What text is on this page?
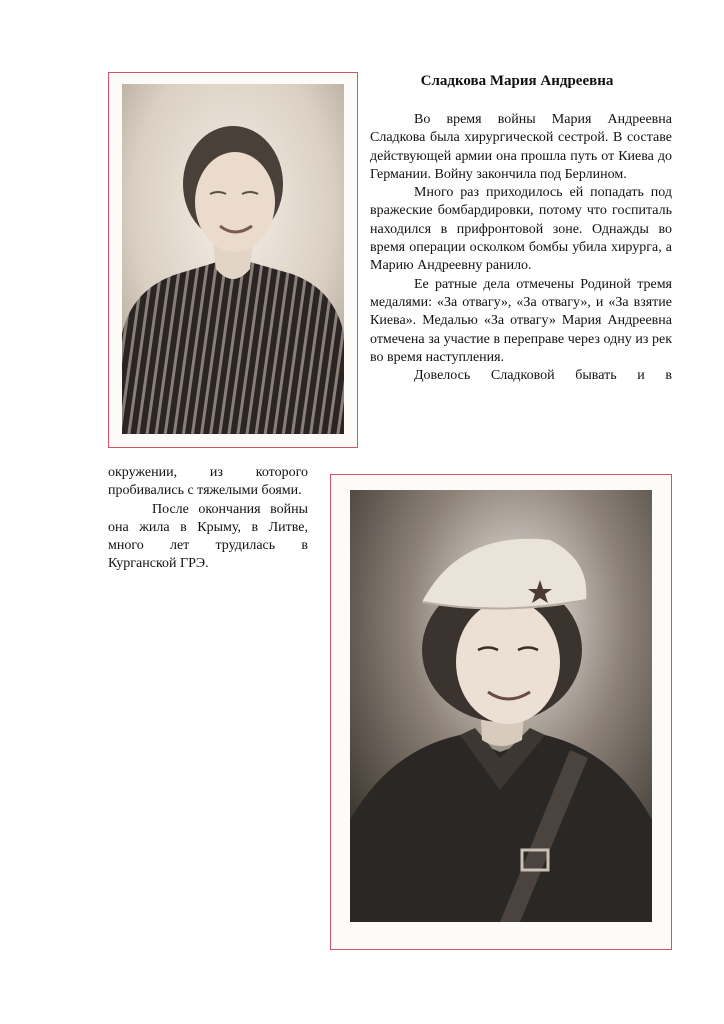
Сладкова Мария Андреевна

Во время войны Мария Андреевна Сладкова была хирургической сестрой. В составе действующей армии она прошла путь от Киева до Германии. Войну закончила под Берлином.

Много раз приходилось ей попадать под вражеские бомбардировки, потому что госпиталь находился в прифронтовой зоне. Однажды во время операции осколком бомбы убила хирурга, а Марию Андреевну ранило.

Ее ратные дела отмечены Родиной тремя медалями: «За отвагу», «За отвагу», и «За взятие Киева». Медалью «За отвагу» Мария Андреевна отмечена за участие в переправе через одну из рек во время наступления.

Довелось Сладковой бывать и в

окружении, из которого пробивались с тяжелыми боями.

После окончания войны она жила в Крыму, в Литве, много лет трудилась в Курганской ГРЭ.
